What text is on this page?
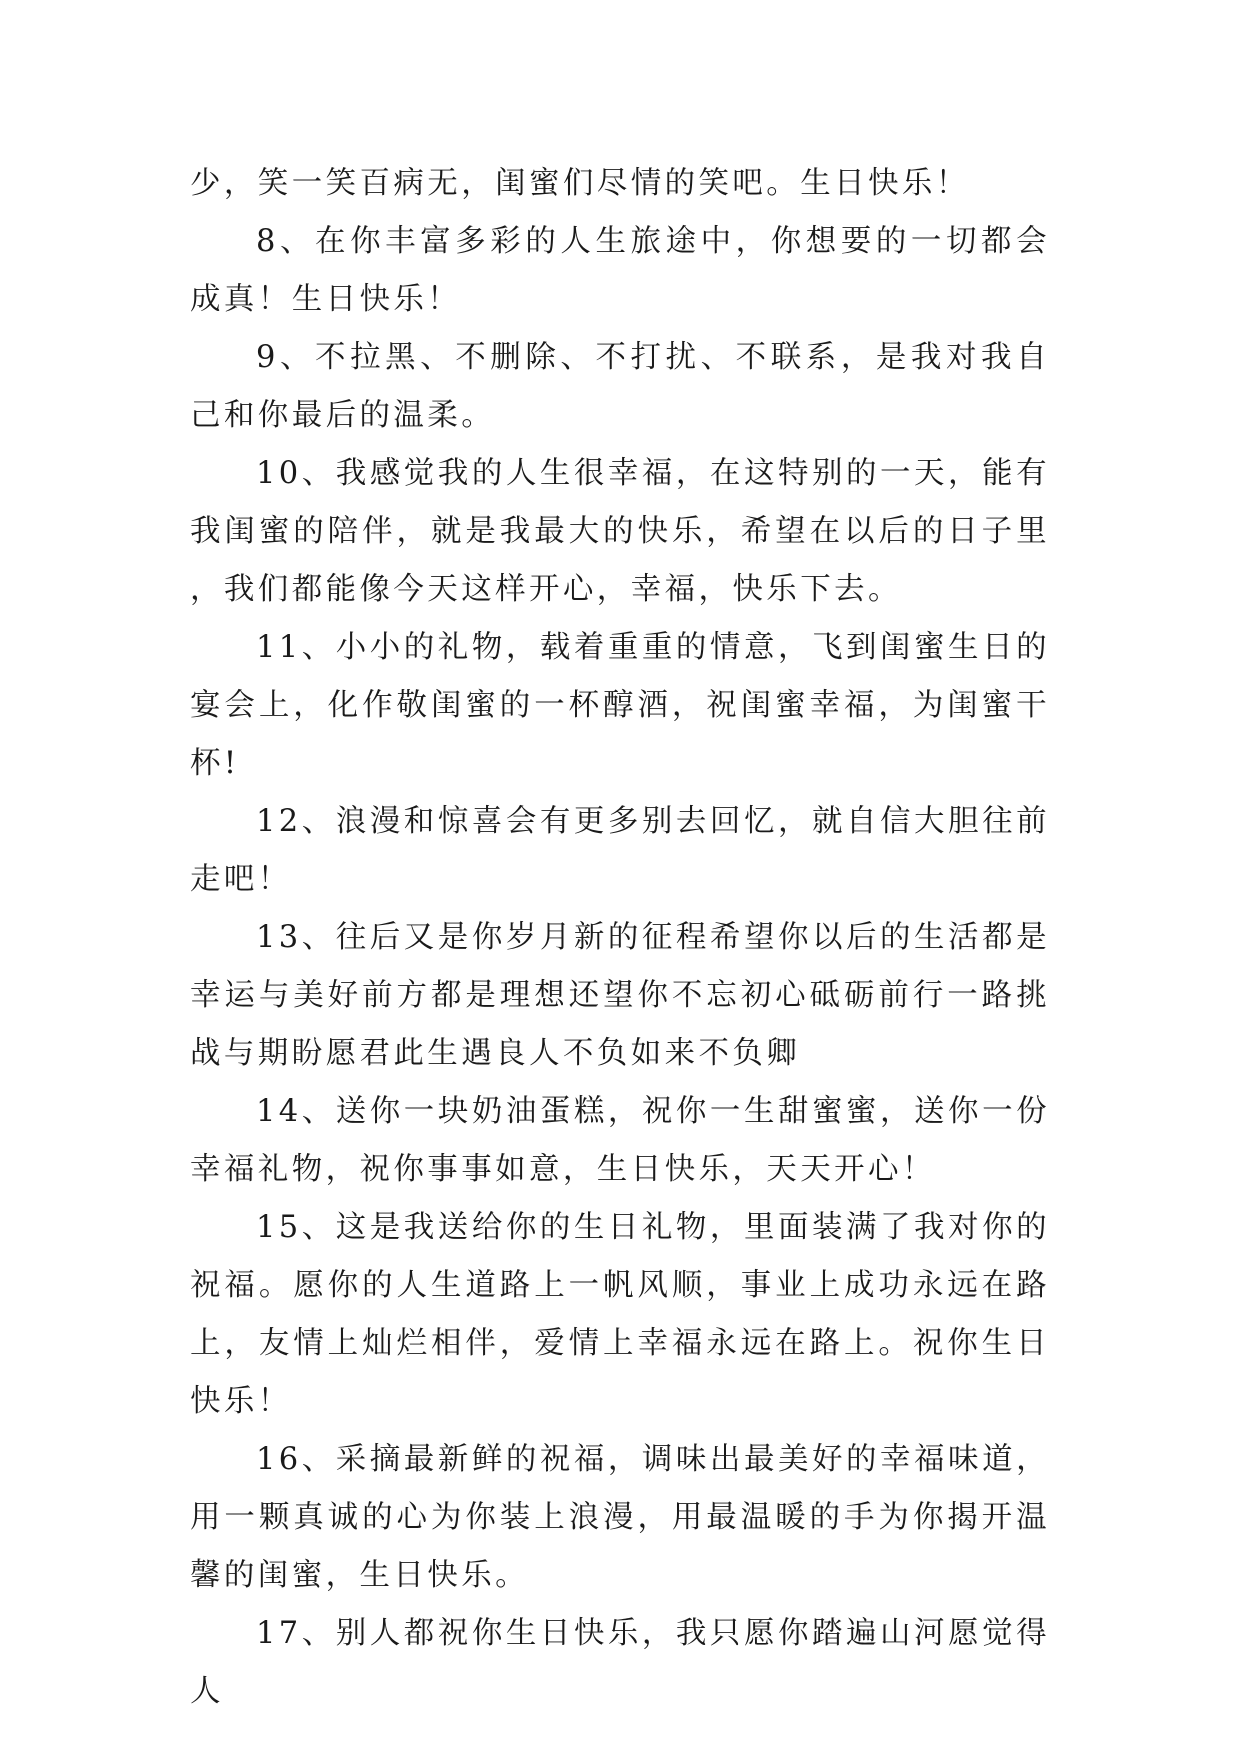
少，笑一笑百病无，闺蜜们尽情的笑吧。生日快乐！

8、在你丰富多彩的人生旅途中，你想要的一切都会成真！生日快乐！

9、不拉黑、不删除、不打扰、不联系，是我对我自己和你最后的温柔。

10、我感觉我的人生很幸福，在这特别的一天，能有我闺蜜的陪伴，就是我最大的快乐，希望在以后的日子里，我们都能像今天这样开心，幸福，快乐下去。

11、小小的礼物，载着重重的情意，飞到闺蜜生日的宴会上，化作敬闺蜜的一杯醇酒，祝闺蜜幸福，为闺蜜干杯!

12、浪漫和惊喜会有更多别去回忆，就自信大胆往前走吧！

13、往后又是你岁月新的征程希望你以后的生活都是幸运与美好前方都是理想还望你不忘初心砥砺前行一路挑战与期盼愿君此生遇良人不负如来不负卿

14、送你一块奶油蛋糕，祝你一生甜蜜蜜，送你一份幸福礼物，祝你事事如意，生日快乐，天天开心！

15、这是我送给你的生日礼物，里面装满了我对你的祝福。愿你的人生道路上一帆风顺，事业上成功永远在路上，友情上灿烂相伴，爱情上幸福永远在路上。祝你生日快乐！

16、采摘最新鲜的祝福，调味出最美好的幸福味道，用一颗真诚的心为你装上浪漫，用最温暖的手为你揭开温馨的闺蜜，生日快乐。

17、别人都祝你生日快乐，我只愿你踏遍山河愿觉得人
